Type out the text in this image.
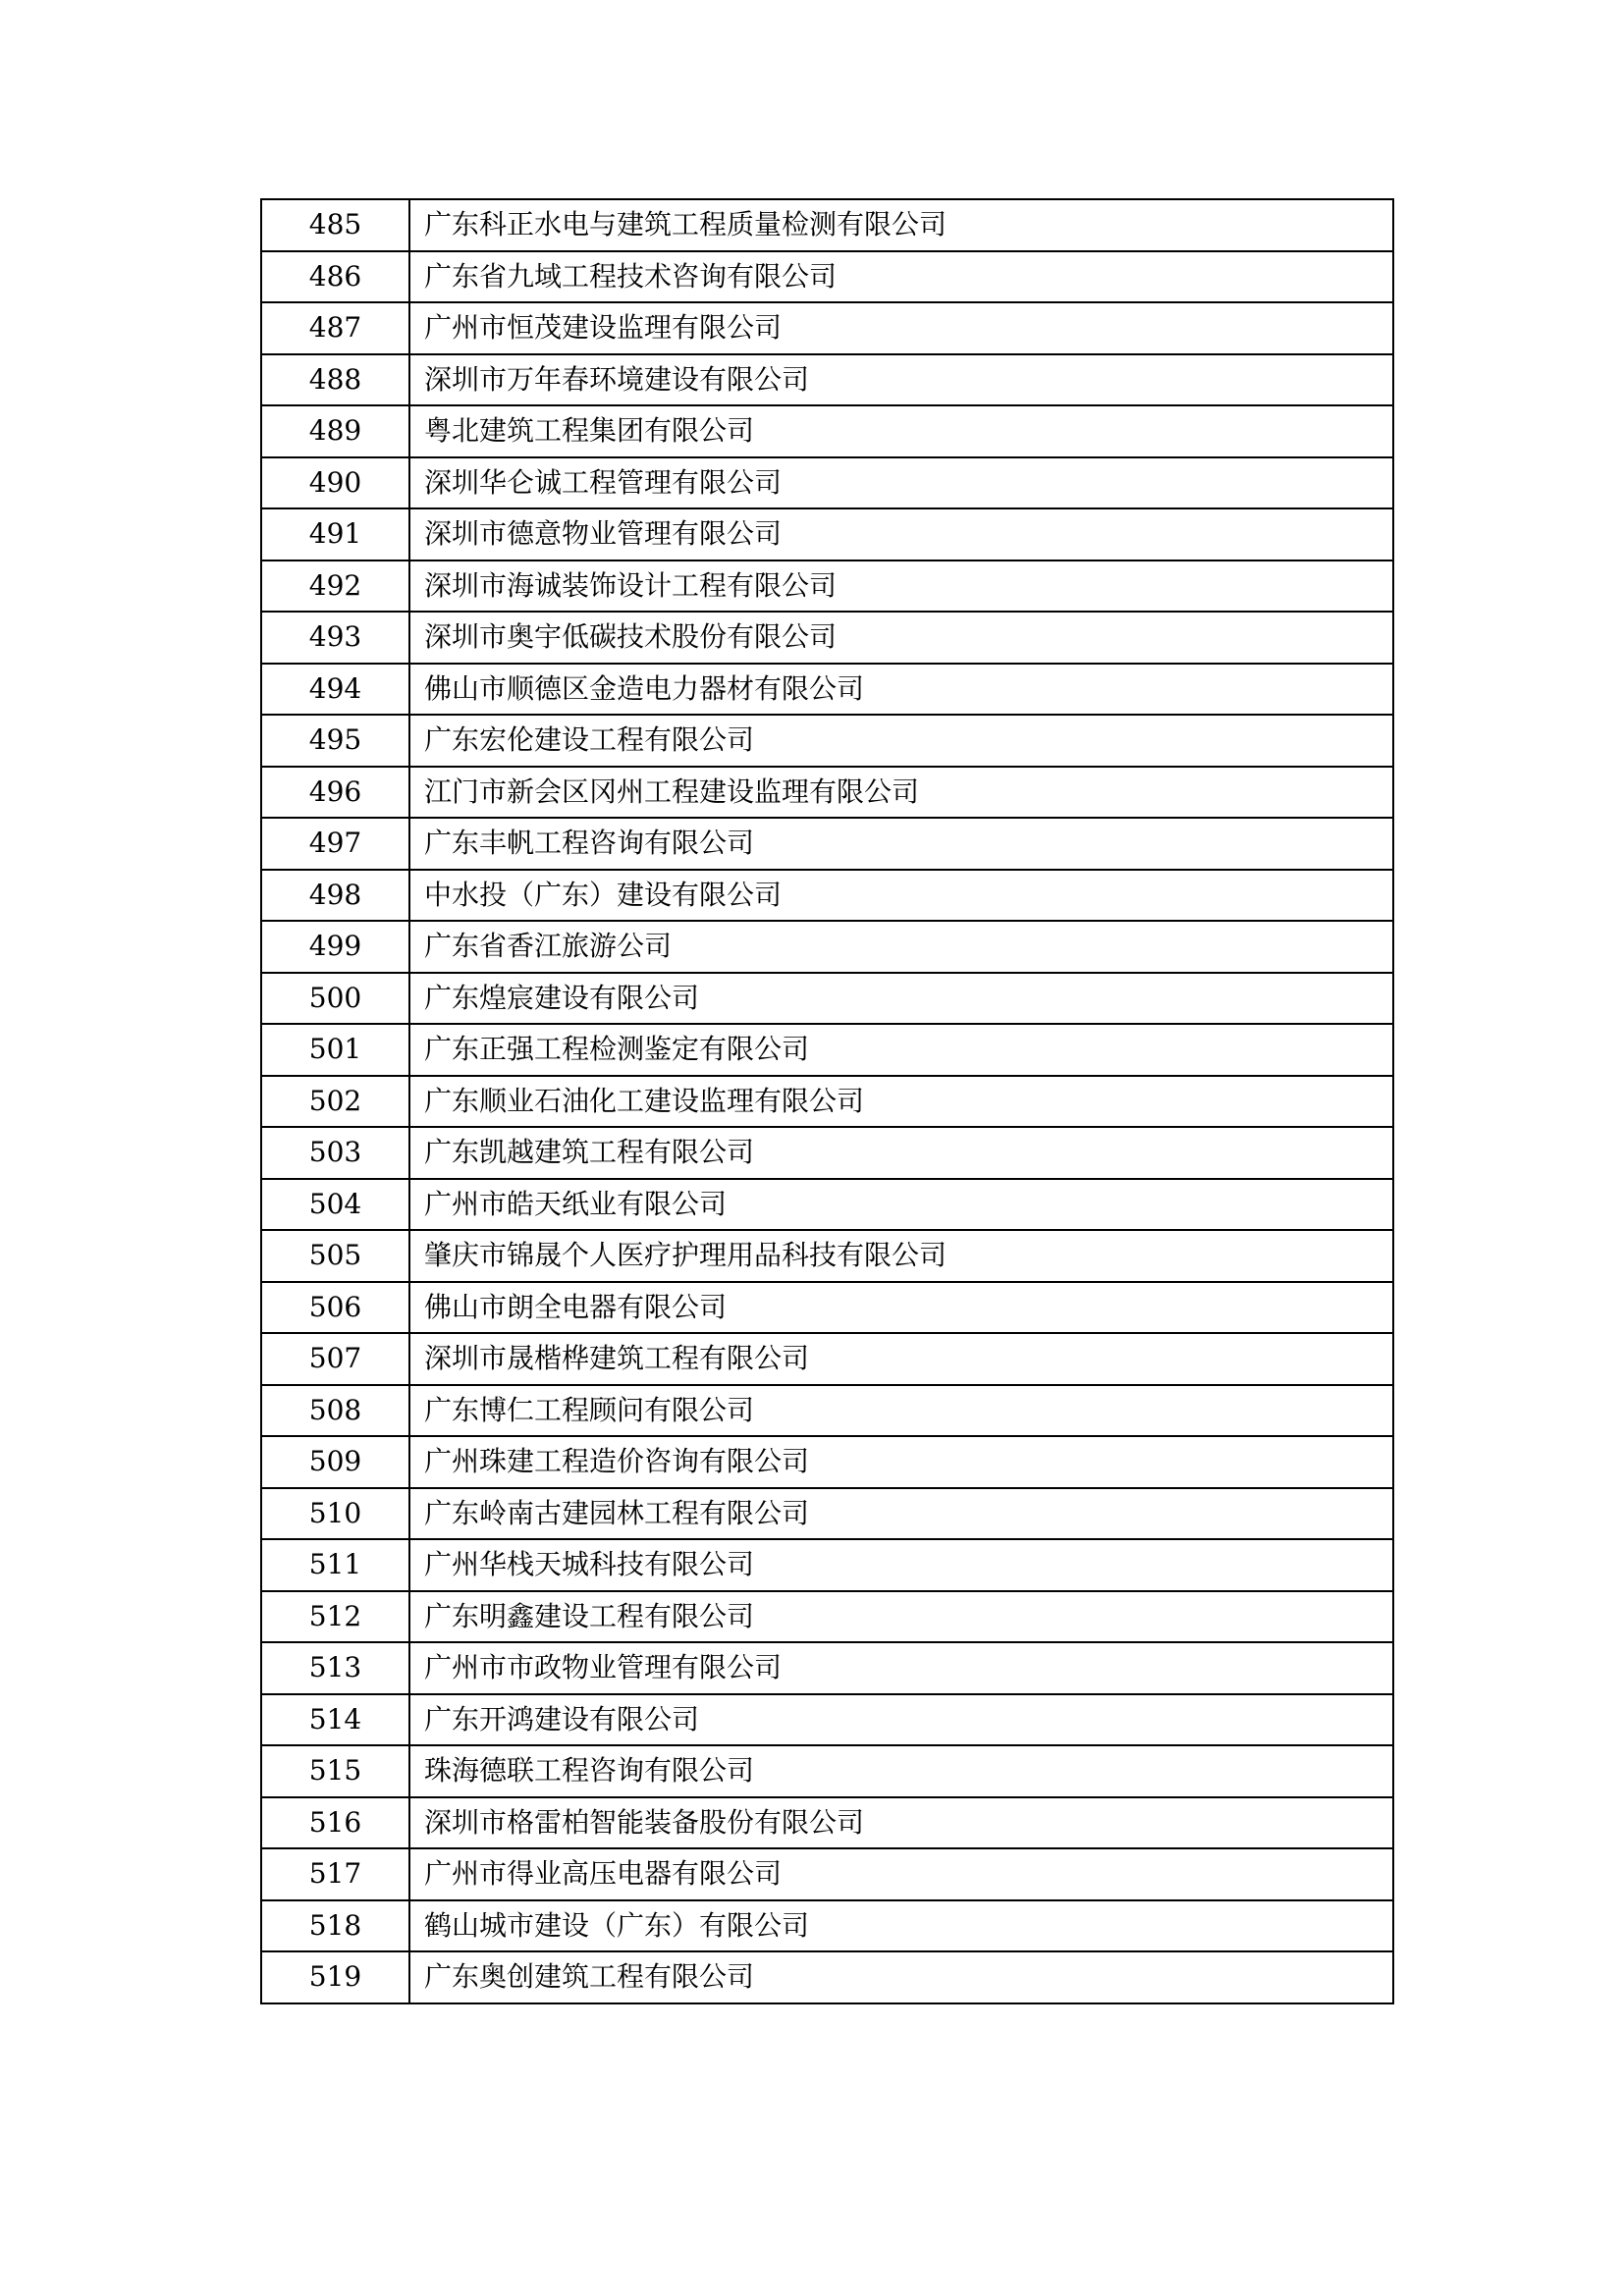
485	广东科正水电与建筑工程质量检测有限公司
486	广东省九域工程技术咨询有限公司
487	广州市恒茂建设监理有限公司
488	深圳市万年春环境建设有限公司
489	粤北建筑工程集团有限公司
490	深圳华仑诚工程管理有限公司
491	深圳市德意物业管理有限公司
492	深圳市海诚装饰设计工程有限公司
493	深圳市奥宇低碳技术股份有限公司
494	佛山市顺德区金造电力器材有限公司
495	广东宏伦建设工程有限公司
496	江门市新会区冈州工程建设监理有限公司
497	广东丰帆工程咨询有限公司
498	中水投（广东）建设有限公司
499	广东省香江旅游公司
500	广东煌宸建设有限公司
501	广东正强工程检测鉴定有限公司
502	广东顺业石油化工建设监理有限公司
503	广东凯越建筑工程有限公司
504	广州市皓天纸业有限公司
505	肇庆市锦晟个人医疗护理用品科技有限公司
506	佛山市朗全电器有限公司
507	深圳市晟楷桦建筑工程有限公司
508	广东博仁工程顾问有限公司
509	广州珠建工程造价咨询有限公司
510	广东岭南古建园林工程有限公司
511	广州华栈天城科技有限公司
512	广东明鑫建设工程有限公司
513	广州市市政物业管理有限公司
514	广东开鸿建设有限公司
515	珠海德联工程咨询有限公司
516	深圳市格雷柏智能装备股份有限公司
517	广州市得业高压电器有限公司
518	鹤山城市建设（广东）有限公司
519	广东奥创建筑工程有限公司
